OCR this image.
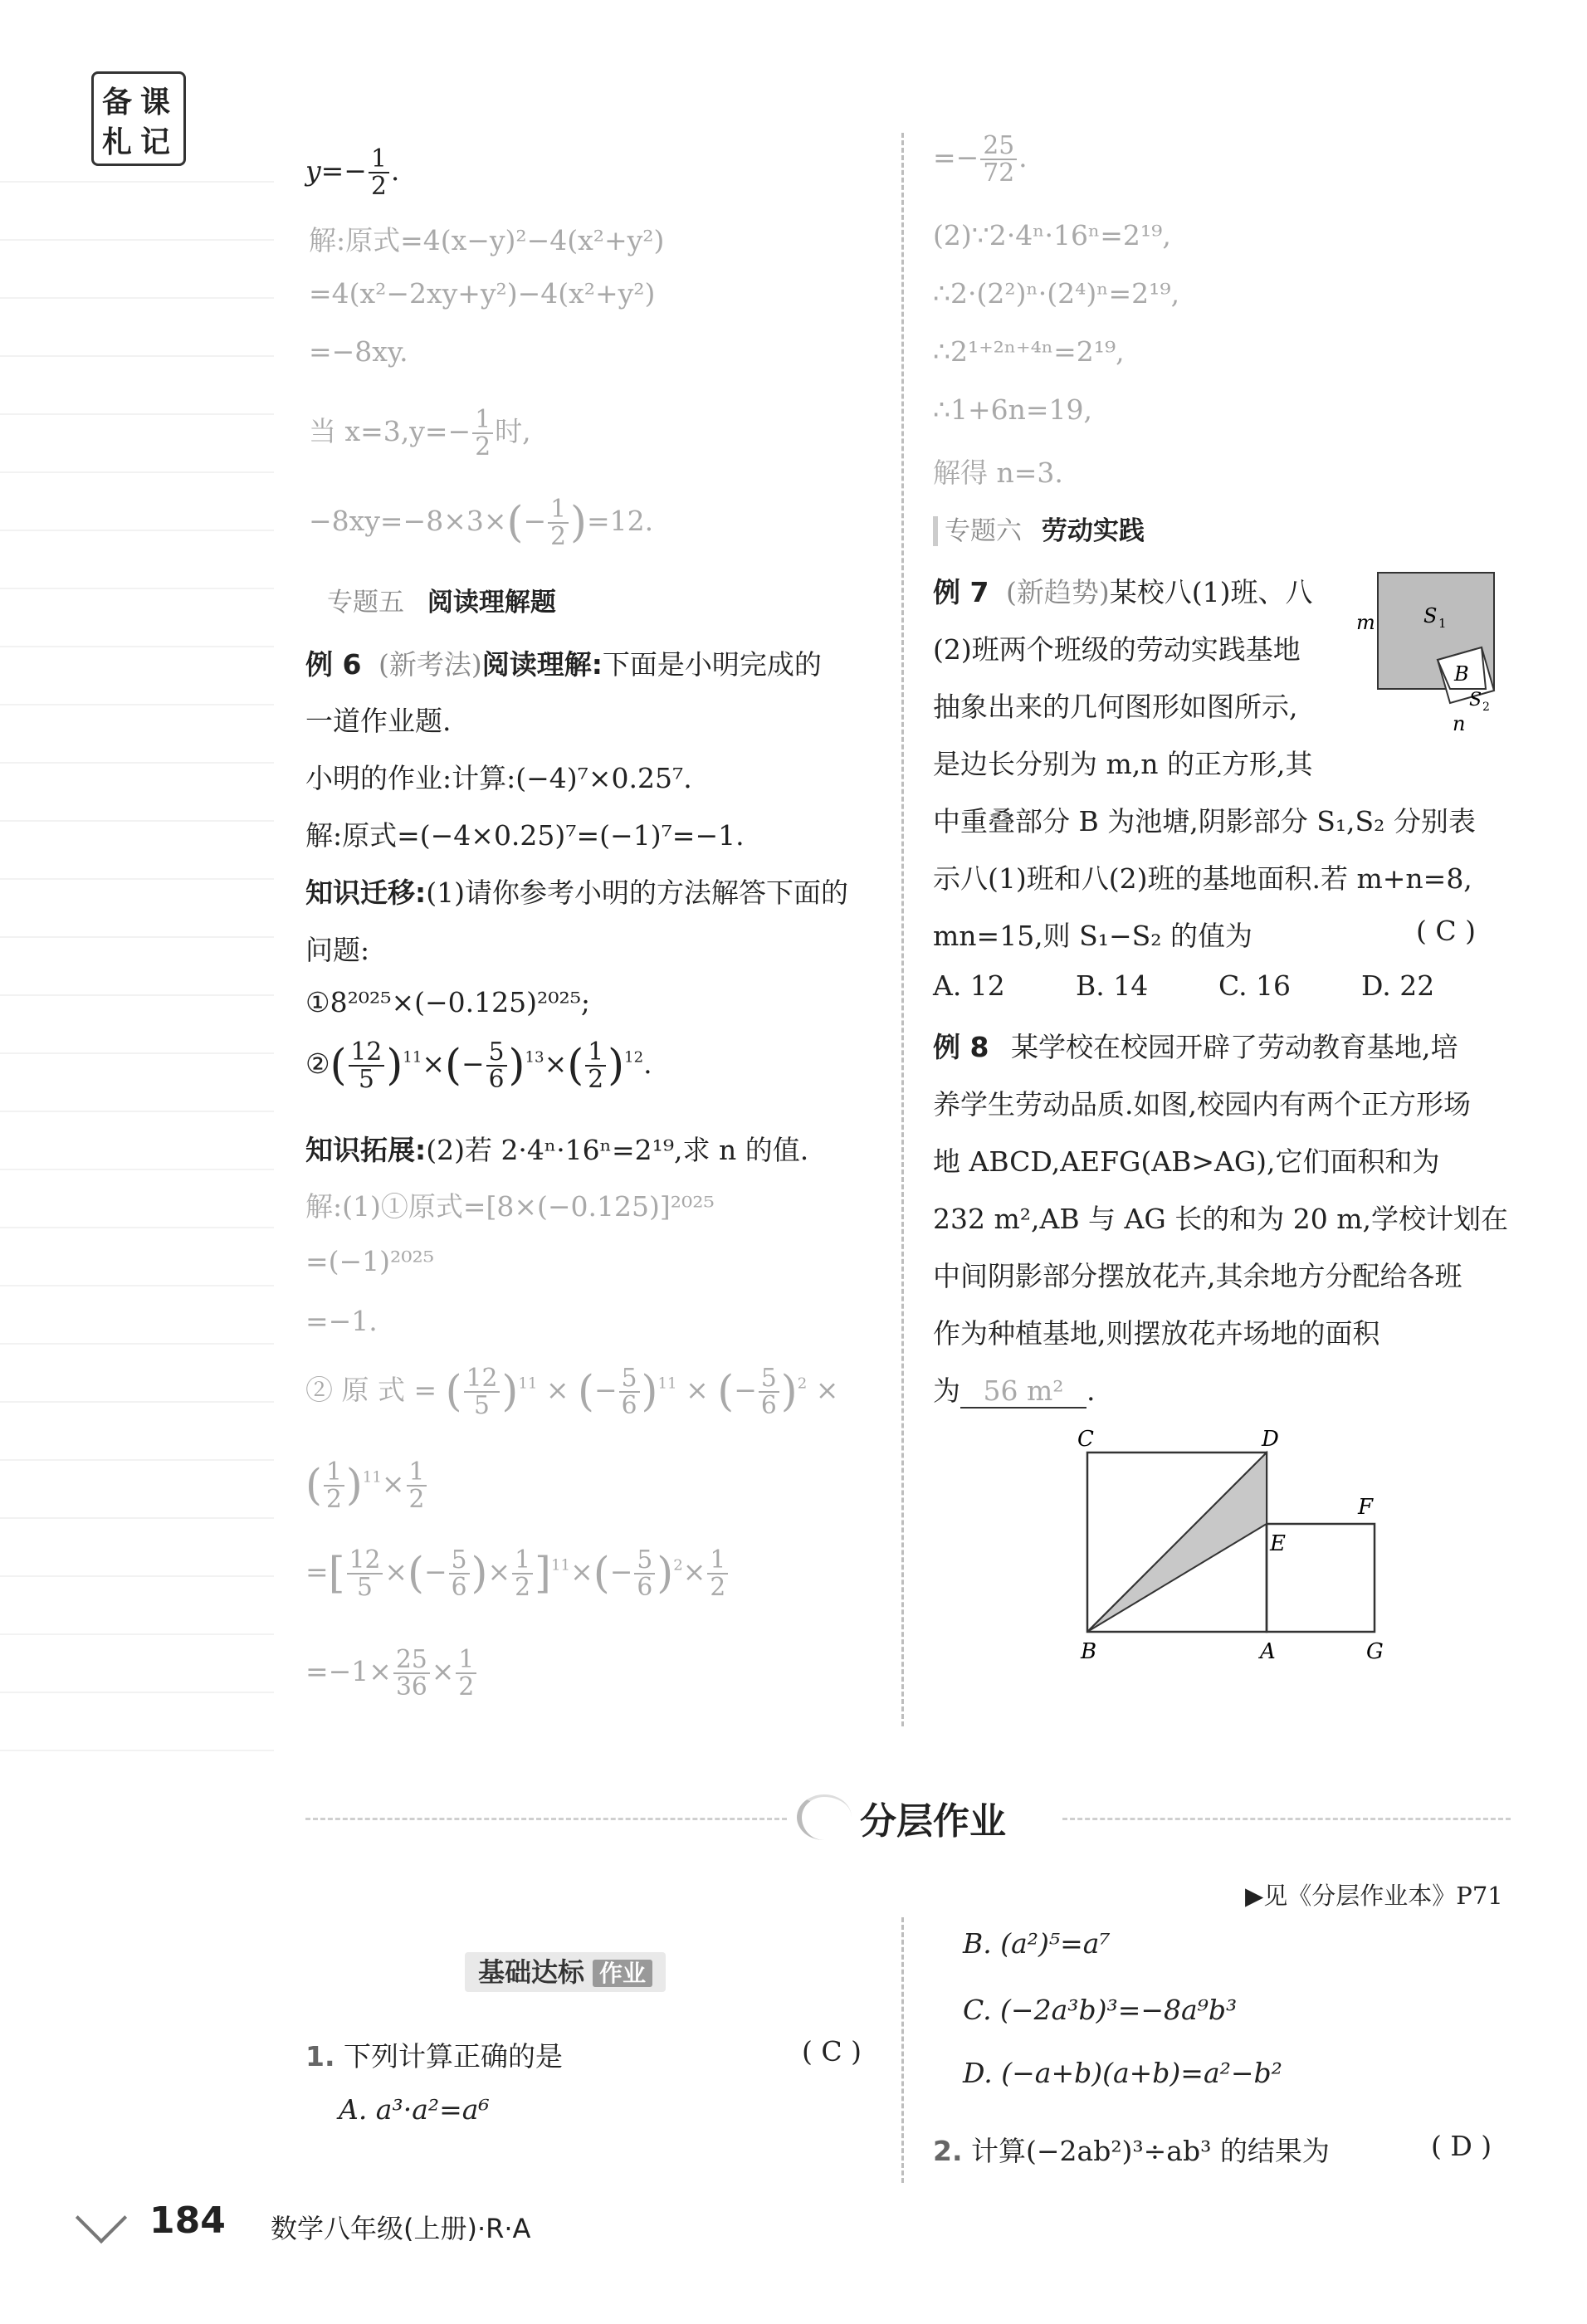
备 课
札 记
$y=- \frac{1}{2}$ .
解:原式=4(x−y)²−4(x²+y²)
=4(x²−2xy+y²)−4(x²+y²)
=−8xy.
当 $x=3,y=- \frac{1}{2}$ 时,
$-8xy=-8\times 3\times(- \frac{1}{2} )=12$.
专题五 阅读理解题
例 6 (新考法)阅读理解:下面是小明完成的
一道作业题.
小明的作业:计算:(−4)⁷×0.25⁷.
解:原式=(−4×0.25)⁷=(−1)⁷=−1.
知识迁移:(1)请你参考小明的方法解答下面的
问题:
①8²⁰²⁵×(−0.125)²⁰²⁵;
②( $\frac{12}{5} )^{11}\times(- \frac{5}{6} )^{13}\times( \frac{1}{2} )^{12}$.
知识拓展:(2)若 2·4ⁿ·16ⁿ=2¹⁹,求 n 的值.
解:(1)①原式=[8×(−0.125)]²⁰²⁵
=(−1)²⁰²⁵
=−1.
② 原 式 = ( $\frac{12}{5} )^{11}$ × (− $\frac{5}{6} )^{11}$ × (− $\frac{5}{6} )^2$ ×
( $\frac{1}{2} )^{11}\times \frac{1}{2}$
=[ $\frac{12}{5}$ ×(− $\frac{5}{6}$ )× $\frac{1}{2} ]^{11}\times(- \frac{5}{6} )^2\times \frac{1}{2}$
$=-1\times \frac{25}{36} \times \frac{1}{2}$
=− $\frac{25}{72}$ .
(2)∵2·4ⁿ·16ⁿ=2¹⁹,
∴2·(2²)ⁿ·(2⁴)ⁿ=2¹⁹,
∴2¹⁺²ⁿ⁺⁴ⁿ=2¹⁹,
∴1+6n=19,
解得 n=3.
专题六 劳动实践
例 7 (新趋势)某校八(1)班、八
(2)班两个班级的劳动实践基地
抽象出来的几何图形如图所示,
是边长分别为 m,n 的正方形,其
中重叠部分 B 为池塘,阴影部分 S₁,S₂ 分别表
示八(1)班和八(2)班的基地面积.若 m+n=8,
mn=15,则 S₁−S₂ 的值为	( C )
A. 12	B. 14	C. 16	D. 22
m S 1
B
S 2
n
例 8 某学校在校园开辟了劳动教育基地,培
养学生劳动品质.如图,校园内有两个正方形场
地 ABCD,AEFG(AB>AG),它们面积和为
232 m²,AB 与 AG 长的和为 20 m,学校计划在
中间阴影部分摆放花卉,其余地方分配给各班
作为种植基地,则摆放花卉场地的面积
为 56 m² .
C	D
F
E
B	A	G
分层作业
▶见《分层作业本》P71
基础达标 作业
1. 下列计算正确的是	( C )
A. a³·a²=a⁶
B. (a²)⁵=a⁷
C. (−2a³b)³=−8a⁹b³
D. (−a+b)(a+b)=a²−b²
2. 计算(−2ab²)³÷ab³ 的结果为	( D )
184 数学八年级(上册)·R·A
